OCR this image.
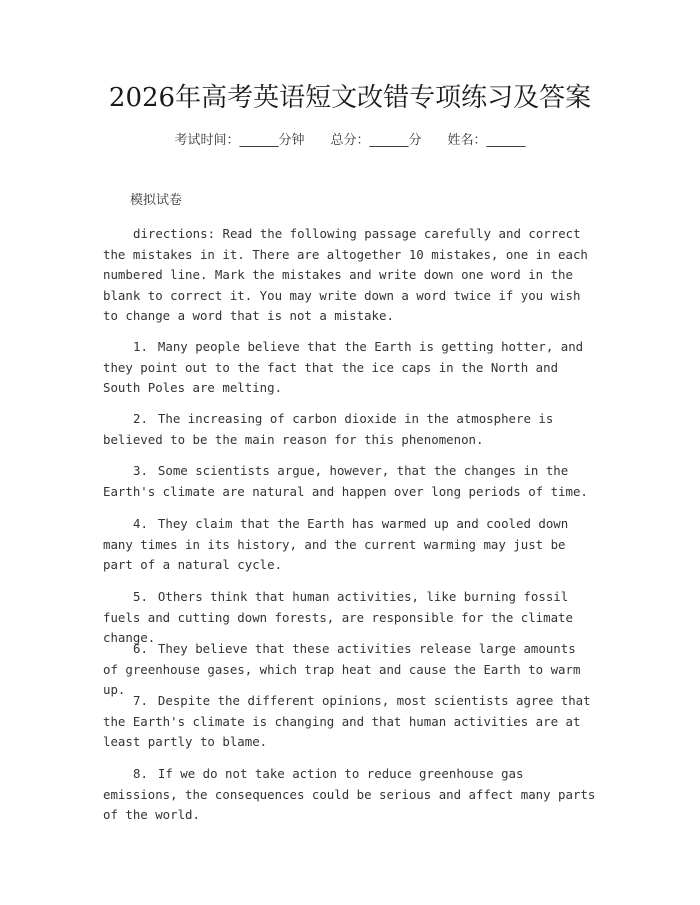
2026年高考英语短文改错专项练习及答案
考试时间：______分钟 总分：______分 姓名：______
模拟试卷

directions: Read the following passage carefully and correct the mistakes in it. There are altogether 10 mistakes, one in each numbered line. Mark the mistakes and write down one word in the blank to correct it. You may write down a word twice if you wish to change a word that is not a mistake.

1. Many people believe that the Earth is getting hotter, and they point out to the fact that the ice caps in the North and South Poles are melting.

2. The increasing of carbon dioxide in the atmosphere is believed to be the main reason for this phenomenon.

3. Some scientists argue, however, that the changes in the Earth's climate are natural and happen over long periods of time.

4. They claim that the Earth has warmed up and cooled down many times in its history, and the current warming may just be part of a natural cycle.

5. Others think that human activities, like burning fossil fuels and cutting down forests, are responsible for the climate change.

6. They believe that these activities release large amounts of greenhouse gases, which trap heat and cause the Earth to warm up.

7. Despite the different opinions, most scientists agree that the Earth's climate is changing and that human activities are at least partly to blame.

8. If we do not take action to reduce greenhouse gas emissions, the consequences could be serious and affect many parts of the world.
